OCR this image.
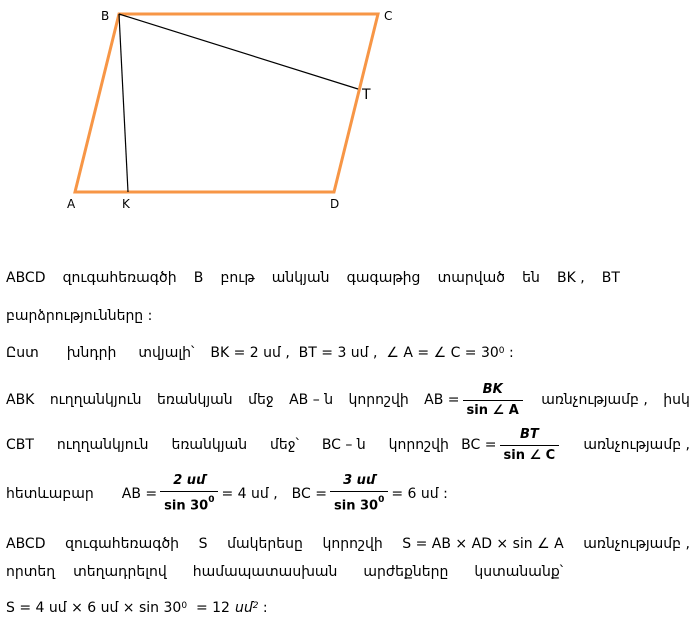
B	C
T
A	K	D
ABCD զուգահեռագծի B բութ անկյան գագաթից տարված են BK , BT
բարձրությունները :
Ըստ խնդրի տվյալի՝ BK = 2 սմ ,  BT = 3 սմ ,  ∠ A = ∠ $C = 30^0$ :
ABK ուղղանկյուն եռանկյան մեջ AB – ն կորոշվի AB = $\frac{BK}{\sin \angle A}$ առնչությամբ , իսկ
CBT ուղղանկյուն եռանկյան մեջ՝ BC – ն կորոշվի BC = $\frac{BT}{\sin \angle C}$ առնչությամբ ,
հետևաբար AB = $\frac{\text{2 սմ}}{\sin 30^0} = 4$ սմ , BC = $\frac{\text{3 սմ}}{\sin 30^0} = 6$ սմ :
ABCD զուգահեռագծի S մակերեսը կորոշվի S = AB × AD × sin ∠ A առնչությամբ ,
որտեղ տեղադրելով համապատասխան արժեքները կստանանք՝
S = 4 սմ × 6 սմ × $\sin 30^0 = 12$ սմ$^2$ :
